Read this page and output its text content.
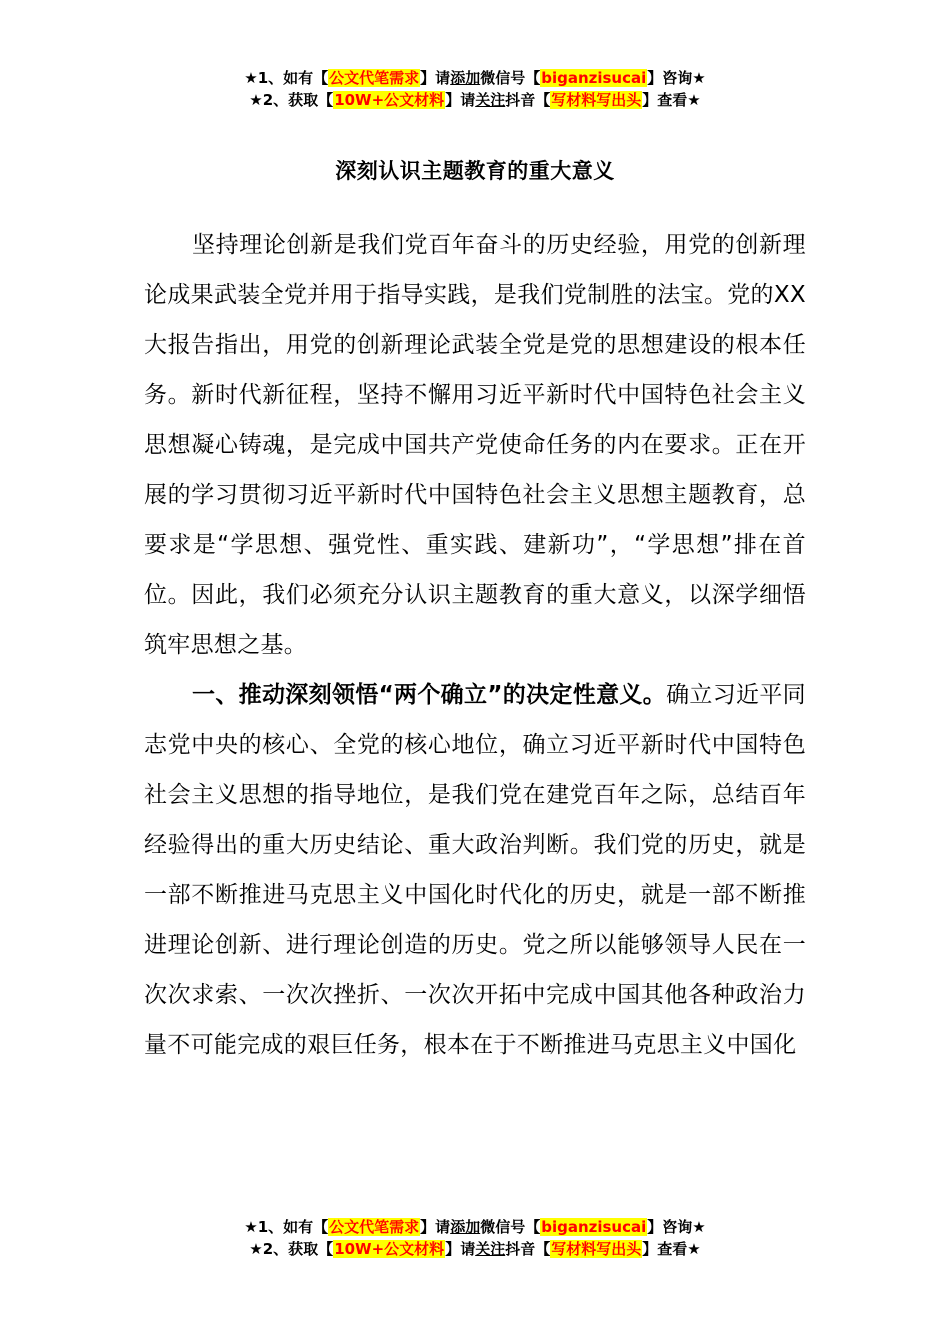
★1、如有【公文代笔需求】请添加微信号【biganzisucai】咨询★
★2、获取【10W+公文材料】请关注抖音【写材料写出头】查看★
深刻认识主题教育的重大意义

坚持理论创新是我们党百年奋斗的历史经验，用党的创新理论成果武装全党并用于指导实践，是我们党制胜的法宝。党的XX大报告指出，用党的创新理论武装全党是党的思想建设的根本任务。新时代新征程，坚持不懈用习近平新时代中国特色社会主义思想凝心铸魂，是完成中国共产党使命任务的内在要求。正在开展的学习贯彻习近平新时代中国特色社会主义思想主题教育，总要求是“学思想、强党性、重实践、建新功”，“学思想”排在首位。因此，我们必须充分认识主题教育的重大意义，以深学细悟筑牢思想之基。

一、推动深刻领悟“两个确立”的决定性意义。确立习近平同志党中央的核心、全党的核心地位，确立习近平新时代中国特色社会主义思想的指导地位，是我们党在建党百年之际，总结百年经验得出的重大历史结论、重大政治判断。我们党的历史，就是一部不断推进马克思主义中国化时代化的历史，就是一部不断推进理论创新、进行理论创造的历史。党之所以能够领导人民在一次次求索、一次次挫折、一次次开拓中完成中国其他各种政治力量不可能完成的艰巨任务，根本在于不断推进马克思主义中国化

★1、如有【公文代笔需求】请添加微信号【biganzisucai】咨询★
★2、获取【10W+公文材料】请关注抖音【写材料写出头】查看★
